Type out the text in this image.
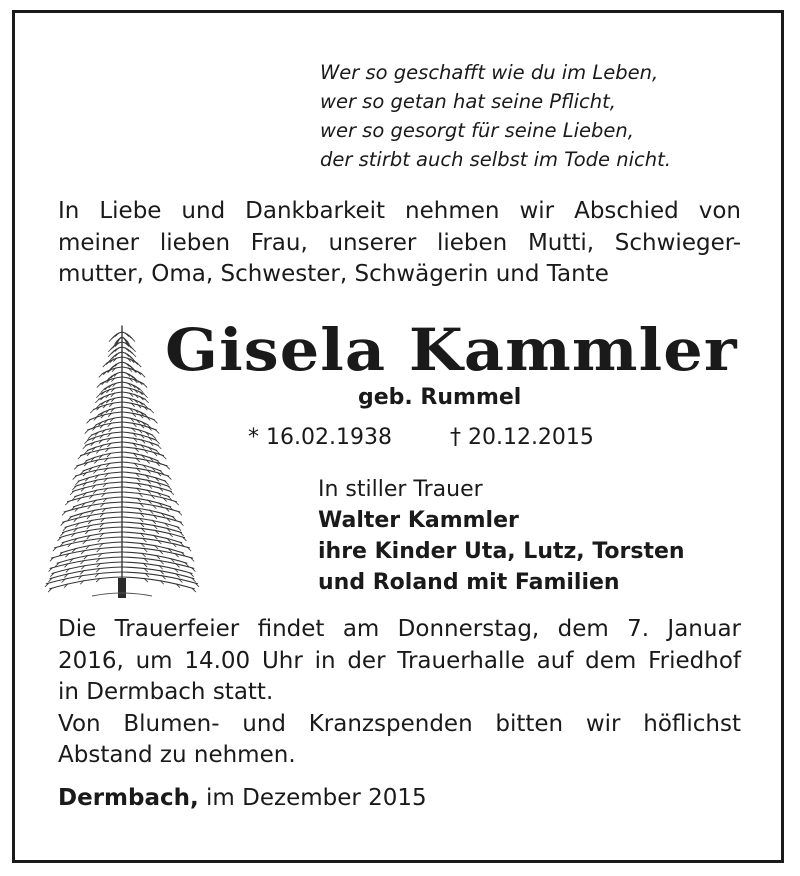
Wer so geschafft wie du im Leben,
wer so getan hat seine Pflicht,
wer so gesorgt für seine Lieben,
der stirbt auch selbst im Tode nicht.
In Liebe und Dankbarkeit nehmen wir Abschied von
meiner lieben Frau, unserer lieben Mutti, Schwieger-
mutter, Oma, Schwester, Schwägerin und Tante
Gisela Kammler
geb. Rummel
* 16.02.1938	† 20.12.2015
In stiller Trauer
Walter Kammler
ihre Kinder Uta, Lutz, Torsten
und Roland mit Familien
Die Trauerfeier findet am Donnerstag, dem 7. Januar
2016, um 14.00 Uhr in der Trauerhalle auf dem Friedhof
in Dermbach statt.
Von Blumen- und Kranzspenden bitten wir höflichst
Abstand zu nehmen.
Dermbach, im Dezember 2015
